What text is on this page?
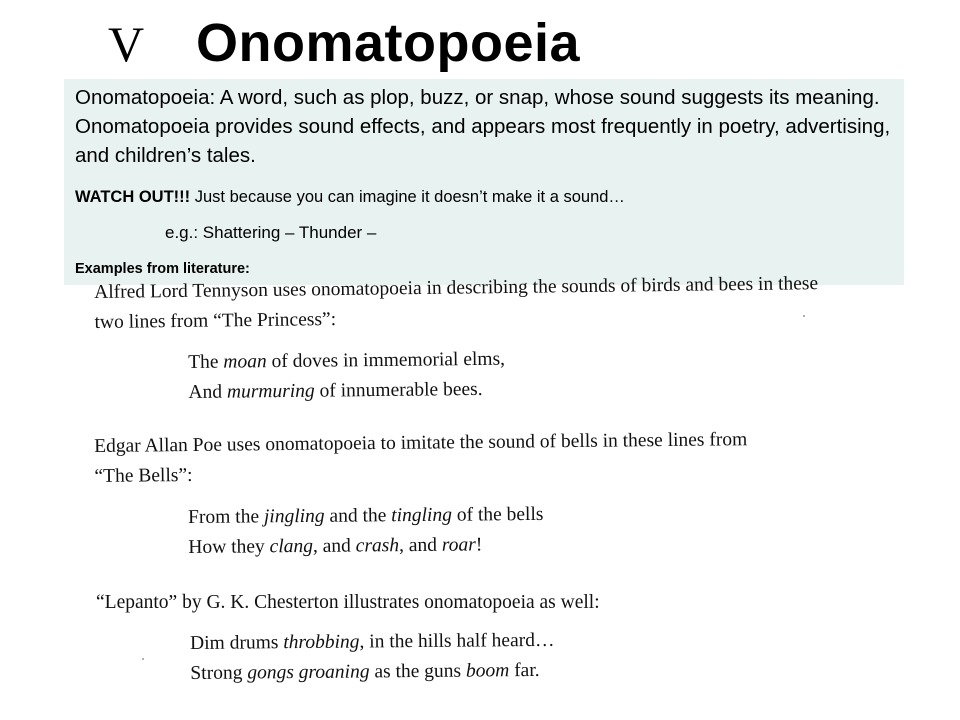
V Onomatopoeia

Onomatopoeia: A word, such as plop, buzz, or snap, whose sound suggests its meaning. Onomatopoeia provides sound effects, and appears most frequently in poetry, advertising, and children’s tales.

WATCH OUT!!! Just because you can imagine it doesn’t make it a sound…

e.g.: Shattering – Thunder –

Examples from literature:

Alfred Lord Tennyson uses onomatopoeia in describing the sounds of birds and bees in these
two lines from “The Princess”:

The moan of doves in immemorial elms,
And murmuring of innumerable bees.

Edgar Allan Poe uses onomatopoeia to imitate the sound of bells in these lines from
“The Bells”:

From the jingling and the tingling of the bells
How they clang, and crash, and roar!

“Lepanto” by G. K. Chesterton illustrates onomatopoeia as well:

Dim drums throbbing, in the hills half heard…
Strong gongs groaning as the guns boom far.
